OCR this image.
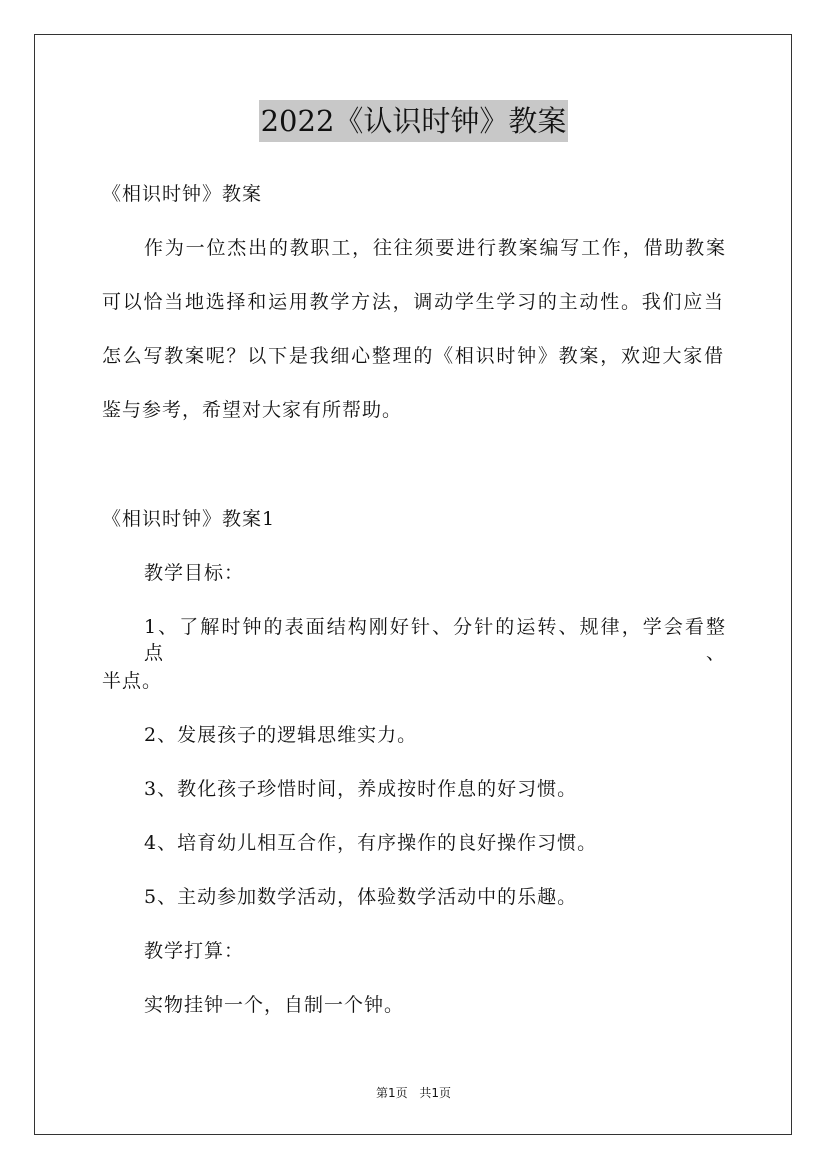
2022《认识时钟》教案
《相识时钟》教案
作为一位杰出的教职工，往往须要进行教案编写工作，借助教案
可以恰当地选择和运用教学方法，调动学生学习的主动性。我们应当
怎么写教案呢？以下是我细心整理的《相识时钟》教案，欢迎大家借
鉴与参考，希望对大家有所帮助。
《相识时钟》教案1
教学目标：
1、了解时钟的表面结构刚好针、分针的运转、规律，学会看整点、
半点。
2、发展孩子的逻辑思维实力。
3、教化孩子珍惜时间，养成按时作息的好习惯。
4、培育幼儿相互合作，有序操作的良好操作习惯。
5、主动参加数学活动，体验数学活动中的乐趣。
教学打算：
实物挂钟一个，自制一个钟。
第1页 共1页
